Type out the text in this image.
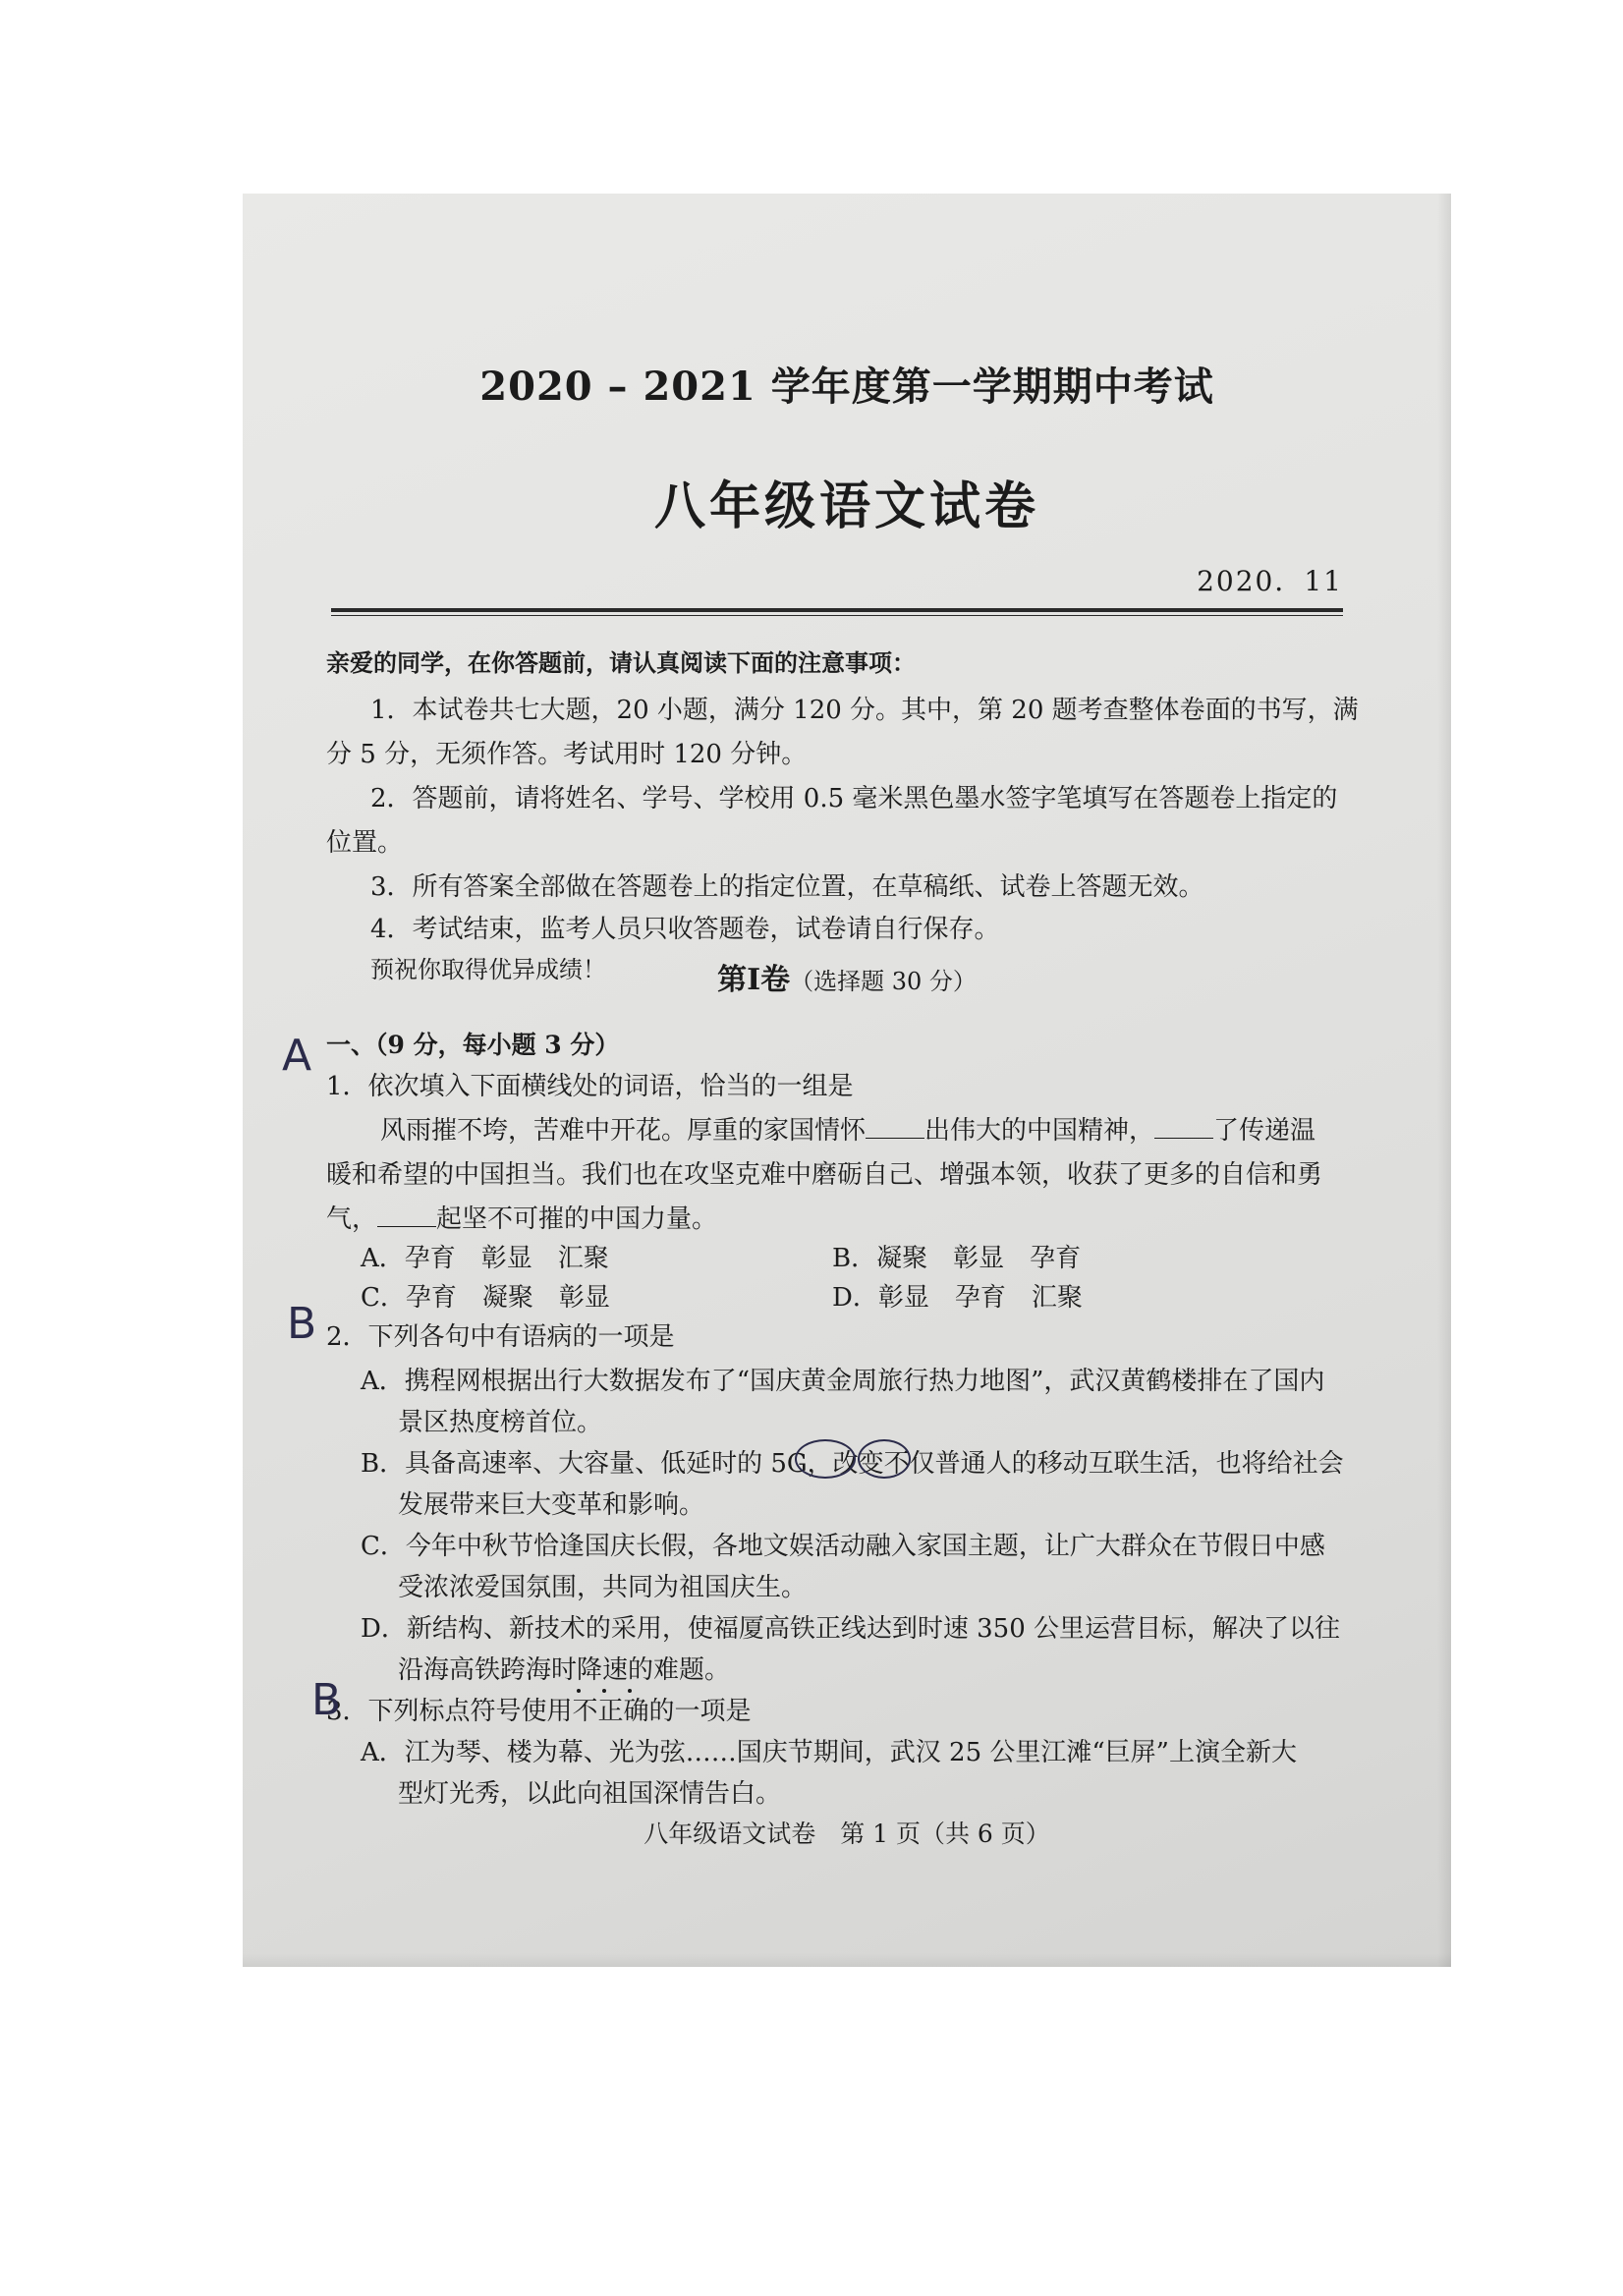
2020 – 2021 学年度第一学期期中考试
八年级语文试卷
2020．11
亲爱的同学，在你答题前，请认真阅读下面的注意事项：
1．本试卷共七大题，20 小题，满分 120 分。其中，第 20 题考查整体卷面的书写，满
分 5 分，无须作答。考试用时 120 分钟。
2．答题前，请将姓名、学号、学校用 0.5 毫米黑色墨水签字笔填写在答题卷上指定的
位置。
3．所有答案全部做在答题卷上的指定位置，在草稿纸、试卷上答题无效。
4．考试结束，监考人员只收答题卷，试卷请自行保存。
预祝你取得优异成绩！	第Ⅰ卷（选择题 30 分）
一、（9 分，每小题 3 分）
1．依次填入下面横线处的词语，恰当的一组是
风雨摧不垮，苦难中开花。厚重的家国情怀 出伟大的中国精神， 了传递温
暖和希望的中国担当。我们也在攻坚克难中磨砺自己、增强本领，收获了更多的自信和勇
气， 起坚不可摧的中国力量。
A．孕育　彰显　汇聚	B．凝聚　彰显　孕育
C．孕育　凝聚　彰显	D．彰显　孕育　汇聚
2．下列各句中有语病的一项是
A．携程网根据出行大数据发布了“国庆黄金周旅行热力地图”，武汉黄鹤楼排在了国内
景区热度榜首位。
B．具备高速率、大容量、低延时的 5G，改变不仅普通人的移动互联生活，也将给社会
发展带来巨大变革和影响。
C．今年中秋节恰逢国庆长假，各地文娱活动融入家国主题，让广大群众在节假日中感
受浓浓爱国氛围，共同为祖国庆生。
D．新结构、新技术的采用，使福厦高铁正线达到时速 350 公里运营目标，解决了以往
沿海高铁跨海时降速的难题。
3．下列标点符号使用不正确的一项是
A．江为琴、楼为幕、光为弦……国庆节期间，武汉 25 公里江滩“巨屏”上演全新大
型灯光秀，以此向祖国深情告白。
A
B
B
八年级语文试卷　第 1 页（共 6 页）
